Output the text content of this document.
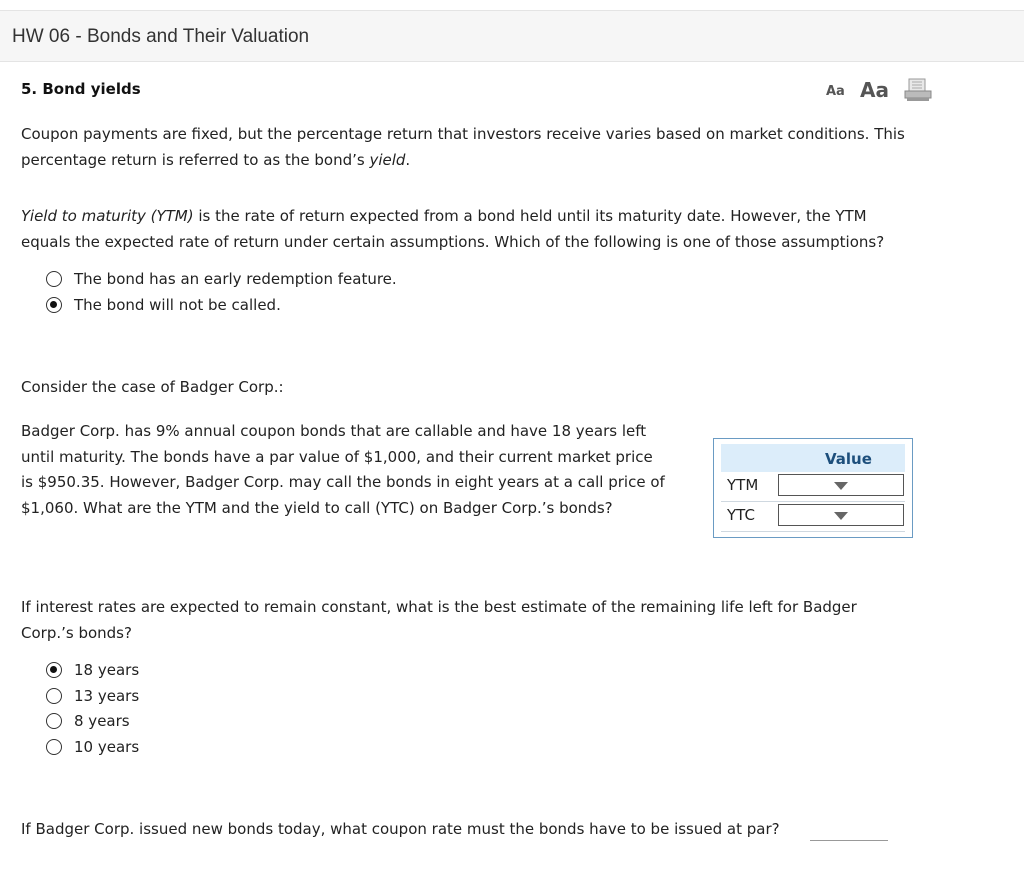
HW 06 - Bonds and Their Valuation
5. Bond yields	Aa Aa
Coupon payments are fixed, but the percentage return that investors receive varies based on market conditions. This
percentage return is referred to as the bond’s yield.
Yield to maturity (YTM) is the rate of return expected from a bond held until its maturity date. However, the YTM
equals the expected rate of return under certain assumptions. Which of the following is one of those assumptions?
The bond has an early redemption feature.
The bond will not be called.
Consider the case of Badger Corp.:
Badger Corp. has 9% annual coupon bonds that are callable and have 18 years left
until maturity. The bonds have a par value of $1,000, and their current market price
is $950.35. However, Badger Corp. may call the bonds in eight years at a call price of
$1,060. What are the YTM and the yield to call (YTC) on Badger Corp.’s bonds?
Value
YTM
YTC
If interest rates are expected to remain constant, what is the best estimate of the remaining life left for Badger
Corp.’s bonds?
18 years
13 years
8 years
10 years
If Badger Corp. issued new bonds today, what coupon rate must the bonds have to be issued at par?
